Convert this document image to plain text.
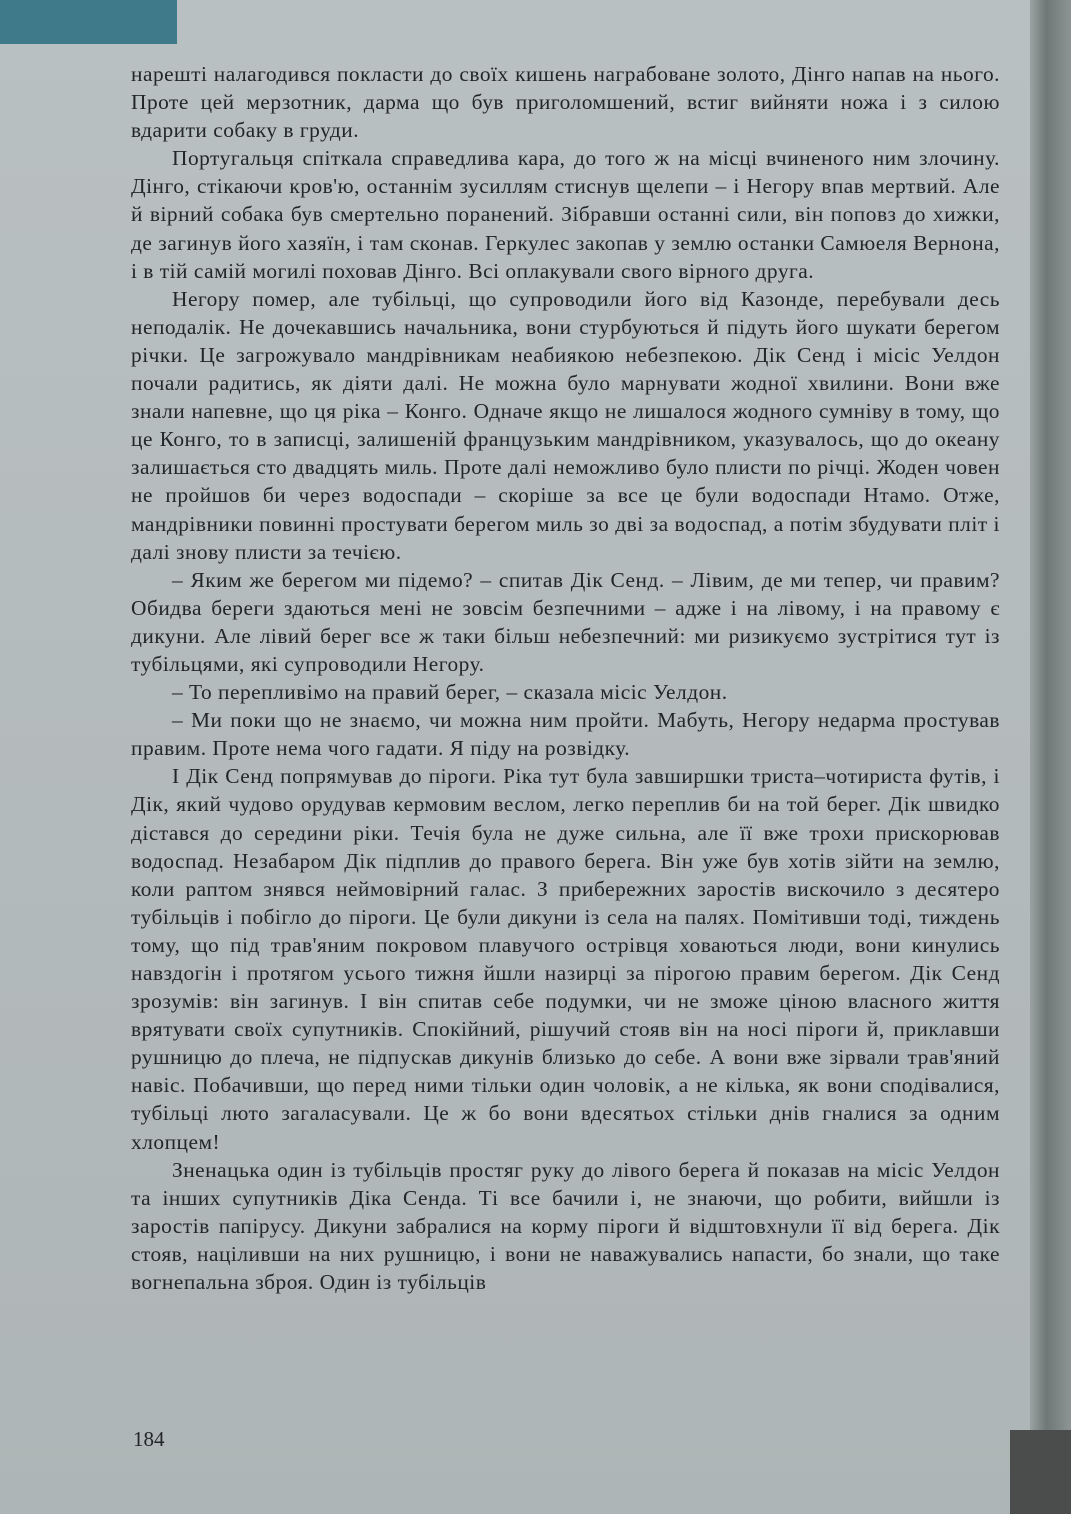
нарешті налагодився покласти до своїх кишень награбоване золото, Дінго напав на нього. Проте цей мерзотник, дарма що був приголомшений, встиг вийняти ножа і з силою вдарити собаку в груди.

Португальця спіткала справедлива кара, до того ж на місці вчиненого ним злочину. Дінго, стікаючи кров'ю, останнім зусиллям стиснув щелепи – і Негору впав мертвий. Але й вірний собака був смертельно поранений. Зібравши останні сили, він поповз до хижки, де загинув його хазяїн, і там сконав. Геркулес закопав у землю останки Самюеля Вернона, і в тій самій могилі поховав Дінго. Всі оплакували свого вірного друга.

Негору помер, але тубільці, що супроводили його від Казонде, перебували десь неподалік. Не дочекавшись начальника, вони стурбуються й підуть його шукати берегом річки. Це загрожувало мандрівникам неабиякою небезпекою. Дік Сенд і місіс Уелдон почали радитись, як діяти далі. Не можна було марнувати жодної хвилини. Вони вже знали напевне, що ця ріка – Конго. Одначе якщо не лишалося жодного сумніву в тому, що це Конго, то в записці, залишеній французьким мандрівником, указувалось, що до океану залишається сто двадцять миль. Проте далі неможливо було плисти по річці. Жоден човен не пройшов би через водоспади – скоріше за все це були водоспади Нтамо. Отже, мандрівники повинні простувати берегом миль зо дві за водоспад, а потім збудувати пліт і далі знову плисти за течією.

– Яким же берегом ми підемо? – спитав Дік Сенд. – Лівим, де ми тепер, чи правим? Обидва береги здаються мені не зовсім безпечними – адже і на лівому, і на правому є дикуни. Але лівий берег все ж таки більш небезпечний: ми ризикуємо зустрітися тут із тубільцями, які супроводили Негору.

– То перепливімо на правий берег, – сказала місіс Уелдон.

– Ми поки що не знаємо, чи можна ним пройти. Мабуть, Негору недарма простував правим. Проте нема чого гадати. Я піду на розвідку.

І Дік Сенд попрямував до піроги. Ріка тут була завширшки триста–чотириста футів, і Дік, який чудово орудував кермовим веслом, легко переплив би на той берег. Дік швидко дістався до середини ріки. Течія була не дуже сильна, але її вже трохи прискорював водоспад. Незабаром Дік підплив до правого берега. Він уже був хотів зійти на землю, коли раптом знявся неймовірний галас. З прибережних заростів вискочило з десятеро тубільців і побігло до піроги. Це були дикуни із села на палях. Помітивши тоді, тиждень тому, що під трав'яним покровом плавучого острівця ховаються люди, вони кинулись навздогін і протягом усього тижня йшли назирці за пірогою правим берегом. Дік Сенд зрозумів: він загинув. І він спитав себе подумки, чи не зможе ціною власного життя врятувати своїх супутників. Спокійний, рішучий стояв він на носі піроги й, приклавши рушницю до плеча, не підпускав дикунів близько до себе. А вони вже зірвали трав'яний навіс. Побачивши, що перед ними тільки один чоловік, а не кілька, як вони сподівалися, тубільці люто загаласували. Це ж бо вони вдесятьох стільки днів гналися за одним хлопцем!

Зненацька один із тубільців простяг руку до лівого берега й показав на місіс Уелдон та інших супутників Діка Сенда. Ті все бачили і, не знаючи, що робити, вийшли із заростів папірусу. Дикуни забралися на корму піроги й відштовхнули її від берега. Дік стояв, націливши на них рушницю, і вони не наважувались напасти, бо знали, що таке вогнепальна зброя. Один із тубільців

184
